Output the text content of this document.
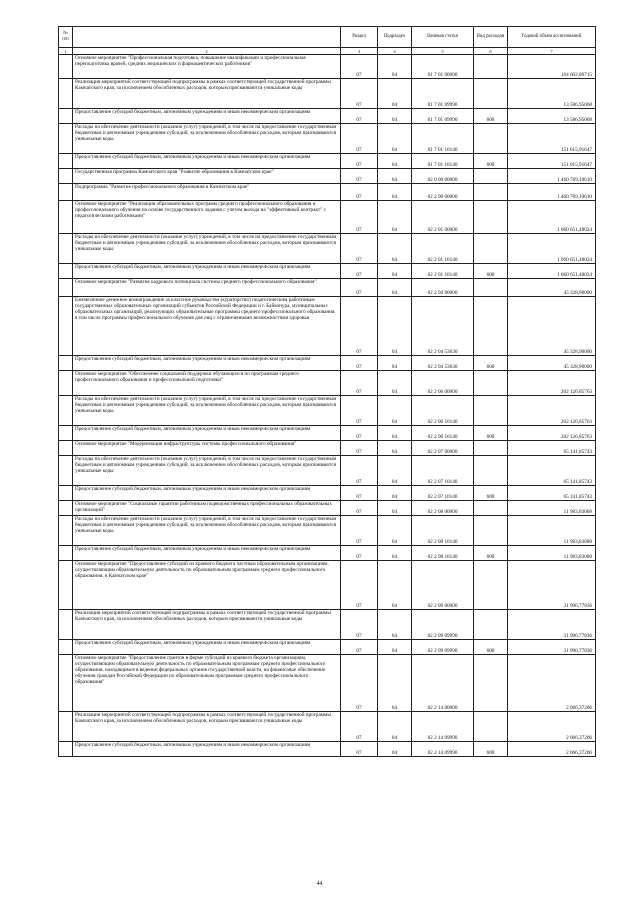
№ п/п		Раздел	Подраздел	Целевая статья	Вид расходов	Годовой объем ассигнований
1	2	3	4	5	6	7
	Основное мероприятие "Профессиональная подготовка, повышение квалификации и профессиональная переподготовка врачей, средних медицинских и фармацевтических работников"	07	04	01 7 01 00000		164 602,86715
	Реализация мероприятий соответствующей подпрограммы в рамках соответствующей государственной программы Камчатского края, за исключением обособленных расходов, которым присваиваются уникальные коды	07	04	01 7 01 09990		13 586,95068
	Предоставление субсидий бюджетным, автономным учреждениям и иным некоммерческим организациям	07	04	01 7 01 09990	600	13 586,95068
	Расходы на обеспечение деятельности (оказание услуг) учреждений, в том числе на предоставление государственным бюджетным и автономным учреждениям субсидий, за исключением обособленных расходов, которым присваиваются уникальные коды	07	04	01 7 01 10140		151 015,91647
	Предоставление субсидий бюджетным, автономным учреждениям и иным некоммерческим организациям	07	04	01 7 01 10140	600	151 015,91647
	Государственная программа Камчатского края "Развитие образования в Камчатском крае"	07	04	02 0 00 00000		1 460 769,10610
	Подпрограмма "Развитие профессионального образования в Камчатском крае"	07	04	02 2 00 00000		1 460 769,10610
	Основное мероприятие "Реализация образовательных программ среднего профессионального образования и профессионального обучения на основе государственного задания с учетом выхода на "эффективный контракт" с педагогическими работниками"	07	04	02 2 01 00000		1 060 651,48024
	Расходы на обеспечение деятельности (оказание услуг) учреждений, в том числе на предоставление государственным бюджетным и автономным учреждениям субсидий, за исключением обособленных расходов, которым присваиваются уникальные коды	07	04	02 2 01 10140		1 060 651,48024
	Предоставление субсидий бюджетным, автономным учреждениям и иным некоммерческим организациям	07	04	02 2 01 10140	600	1 060 651,48024
	Основное мероприятие "Развитие кадрового потенциала системы среднего профессионального образования"	07	04	02 2 04 00000		45 328,90000
	Ежемесячное денежное вознаграждение за классное руководство (кураторство) педагогическим работникам государственных образовательных организаций субъектов Российской Федерации и г. Байконура, муниципальных образовательных организаций, реализующих образовательные программы среднего профессионального образования, в том числе программы профессионального обучения для лиц с ограниченными возможностями здоровья	07	04	02 2 04 53630		45 328,90000
	Предоставление субсидий бюджетным, автономным учреждениям и иным некоммерческим организациям	07	04	02 2 04 53630	600	45 328,90000
	Основное мероприятие "Обеспечение социальной поддержки обучающихся по программам среднего профессионального образования и профессиональной подготовки"	07	04	02 2 06 00000		202 126,85763
	Расходы на обеспечение деятельности (оказание услуг) учреждений, в том числе на предоставление государственным бюджетным и автономным учреждениям субсидий, за исключением обособленных расходов, которым присваиваются уникальные коды	07	04	02 2 06 10140		202 126,85763
	Предоставление субсидий бюджетным, автономным учреждениям и иным некоммерческим организациям	07	04	02 2 06 10140	600	202 126,85763
	Основное мероприятие "Модернизация инфраструктуры системы профессионального образования"	07	04	02 2 07 00000		65 141,85743
	Расходы на обеспечение деятельности (оказание услуг) учреждений, в том числе на предоставление государственным бюджетным и автономным учреждениям субсидий, за исключением обособленных расходов, которым присваиваются уникальные коды	07	04	02 2 07 10140		65 141,85743
	Предоставление субсидий бюджетным, автономным учреждениям и иным некоммерческим организациям	07	04	02 2 07 10140	600	65 141,85743
	Основное мероприятие "Социальные гарантии работникам подведомственных профессиональных образовательных организаций"	07	04	02 2 08 00000		11 983,83008
	Расходы на обеспечение деятельности (оказание услуг) учреждений, в том числе на предоставление государственным бюджетным и автономным учреждениям субсидий, за исключением обособленных расходов, которым присваиваются уникальные коды	07	04	02 2 08 10140		11 983,83008
	Предоставление субсидий бюджетным, автономным учреждениям и иным некоммерческим организациям	07	04	02 2 08 10140	600	11 983,83008
	Основное мероприятие "Предоставление субсидий из краевого бюджета частным образовательным организациям, осуществляющим образовательную деятельность по образовательным программам среднего профессионального образования, в Камчатском крае"	07	04	02 2 09 00000		31 996,77836
	Реализация мероприятий соответствующей подпрограммы в рамках соответствующей государственной программы Камчатского края, за исключением обособленных расходов, которым присваиваются уникальные коды	07	04	02 2 09 09990		31 996,77836
	Предоставление субсидий бюджетным, автономным учреждениям и иным некоммерческим организациям	07	04	02 2 09 09990	600	31 996,77836
	Основное мероприятие "Предоставление грантов в форме субсидий из краевого бюджета организациям, осуществляющим образовательную деятельность по образовательным программам среднего профессионального образования, находящимся в ведении федеральных органов государственной власти, на финансовое обеспечение обучения граждан Российской Федерации по образовательным программам среднего профессионального образования"	07	04	02 2 14 00000		2 066,37206
	Реализация мероприятий соответствующей подпрограммы в рамках соответствующей государственной программы Камчатского края, за исключением обособленных расходов, которым присваиваются уникальные коды	07	04	02 2 14 09990		2 066,37206
	Предоставление субсидий бюджетным, автономным учреждениям и иным некоммерческим организациям	07	04	02 2 14 09990	600	2 066,37206
44
